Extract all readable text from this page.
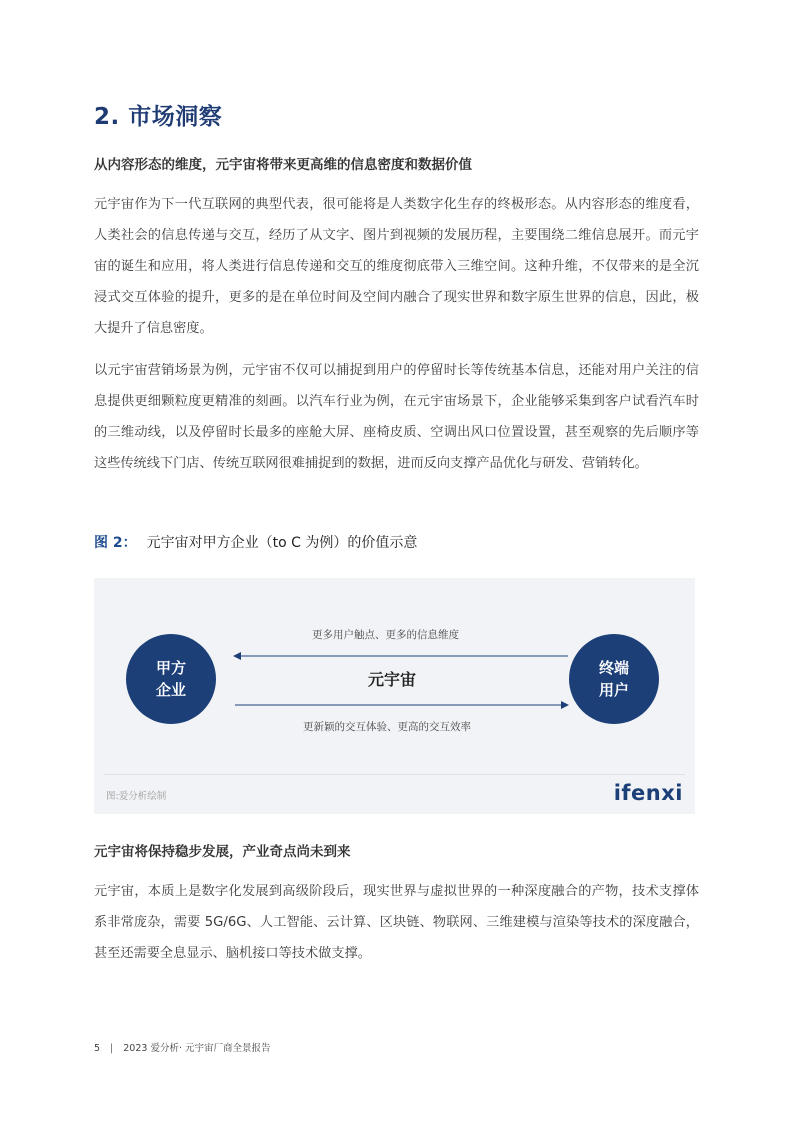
2. 市场洞察

从内容形态的维度，元宇宙将带来更高维的信息密度和数据价值

元宇宙作为下一代互联网的典型代表，很可能将是人类数字化生存的终极形态。从内容形态的维度看，人类社会的信息传递与交互，经历了从文字、图片到视频的发展历程，主要围绕二维信息展开。而元宇宙的诞生和应用，将人类进行信息传递和交互的维度彻底带入三维空间。这种升维，不仅带来的是全沉浸式交互体验的提升，更多的是在单位时间及空间内融合了现实世界和数字原生世界的信息，因此，极大提升了信息密度。

以元宇宙营销场景为例，元宇宙不仅可以捕捉到用户的停留时长等传统基本信息，还能对用户关注的信息提供更细颗粒度更精准的刻画。以汽车行业为例，在元宇宙场景下，企业能够采集到客户试看汽车时的三维动线，以及停留时长最多的座舱大屏、座椅皮质、空调出风口位置设置，甚至观察的先后顺序等这些传统线下门店、传统互联网很难捕捉到的数据，进而反向支撑产品优化与研发、营销转化。

图 2： 元宇宙对甲方企业（to C 为例）的价值示意

甲方
企业
终端
用户
更多用户触点、更多的信息维度
元宇宙
更新颖的交互体验、更高的交互效率
图:爱分析绘制	ifenxi

元宇宙将保持稳步发展，产业奇点尚未到来

元宇宙，本质上是数字化发展到高级阶段后，现实世界与虚拟世界的一种深度融合的产物，技术支撑体系非常庞杂，需要 5G/6G、人工智能、云计算、区块链、物联网、三维建模与渲染等技术的深度融合，甚至还需要全息显示、脑机接口等技术做支撑。

5 | 2023 爱分析· 元宇宙厂商全景报告
